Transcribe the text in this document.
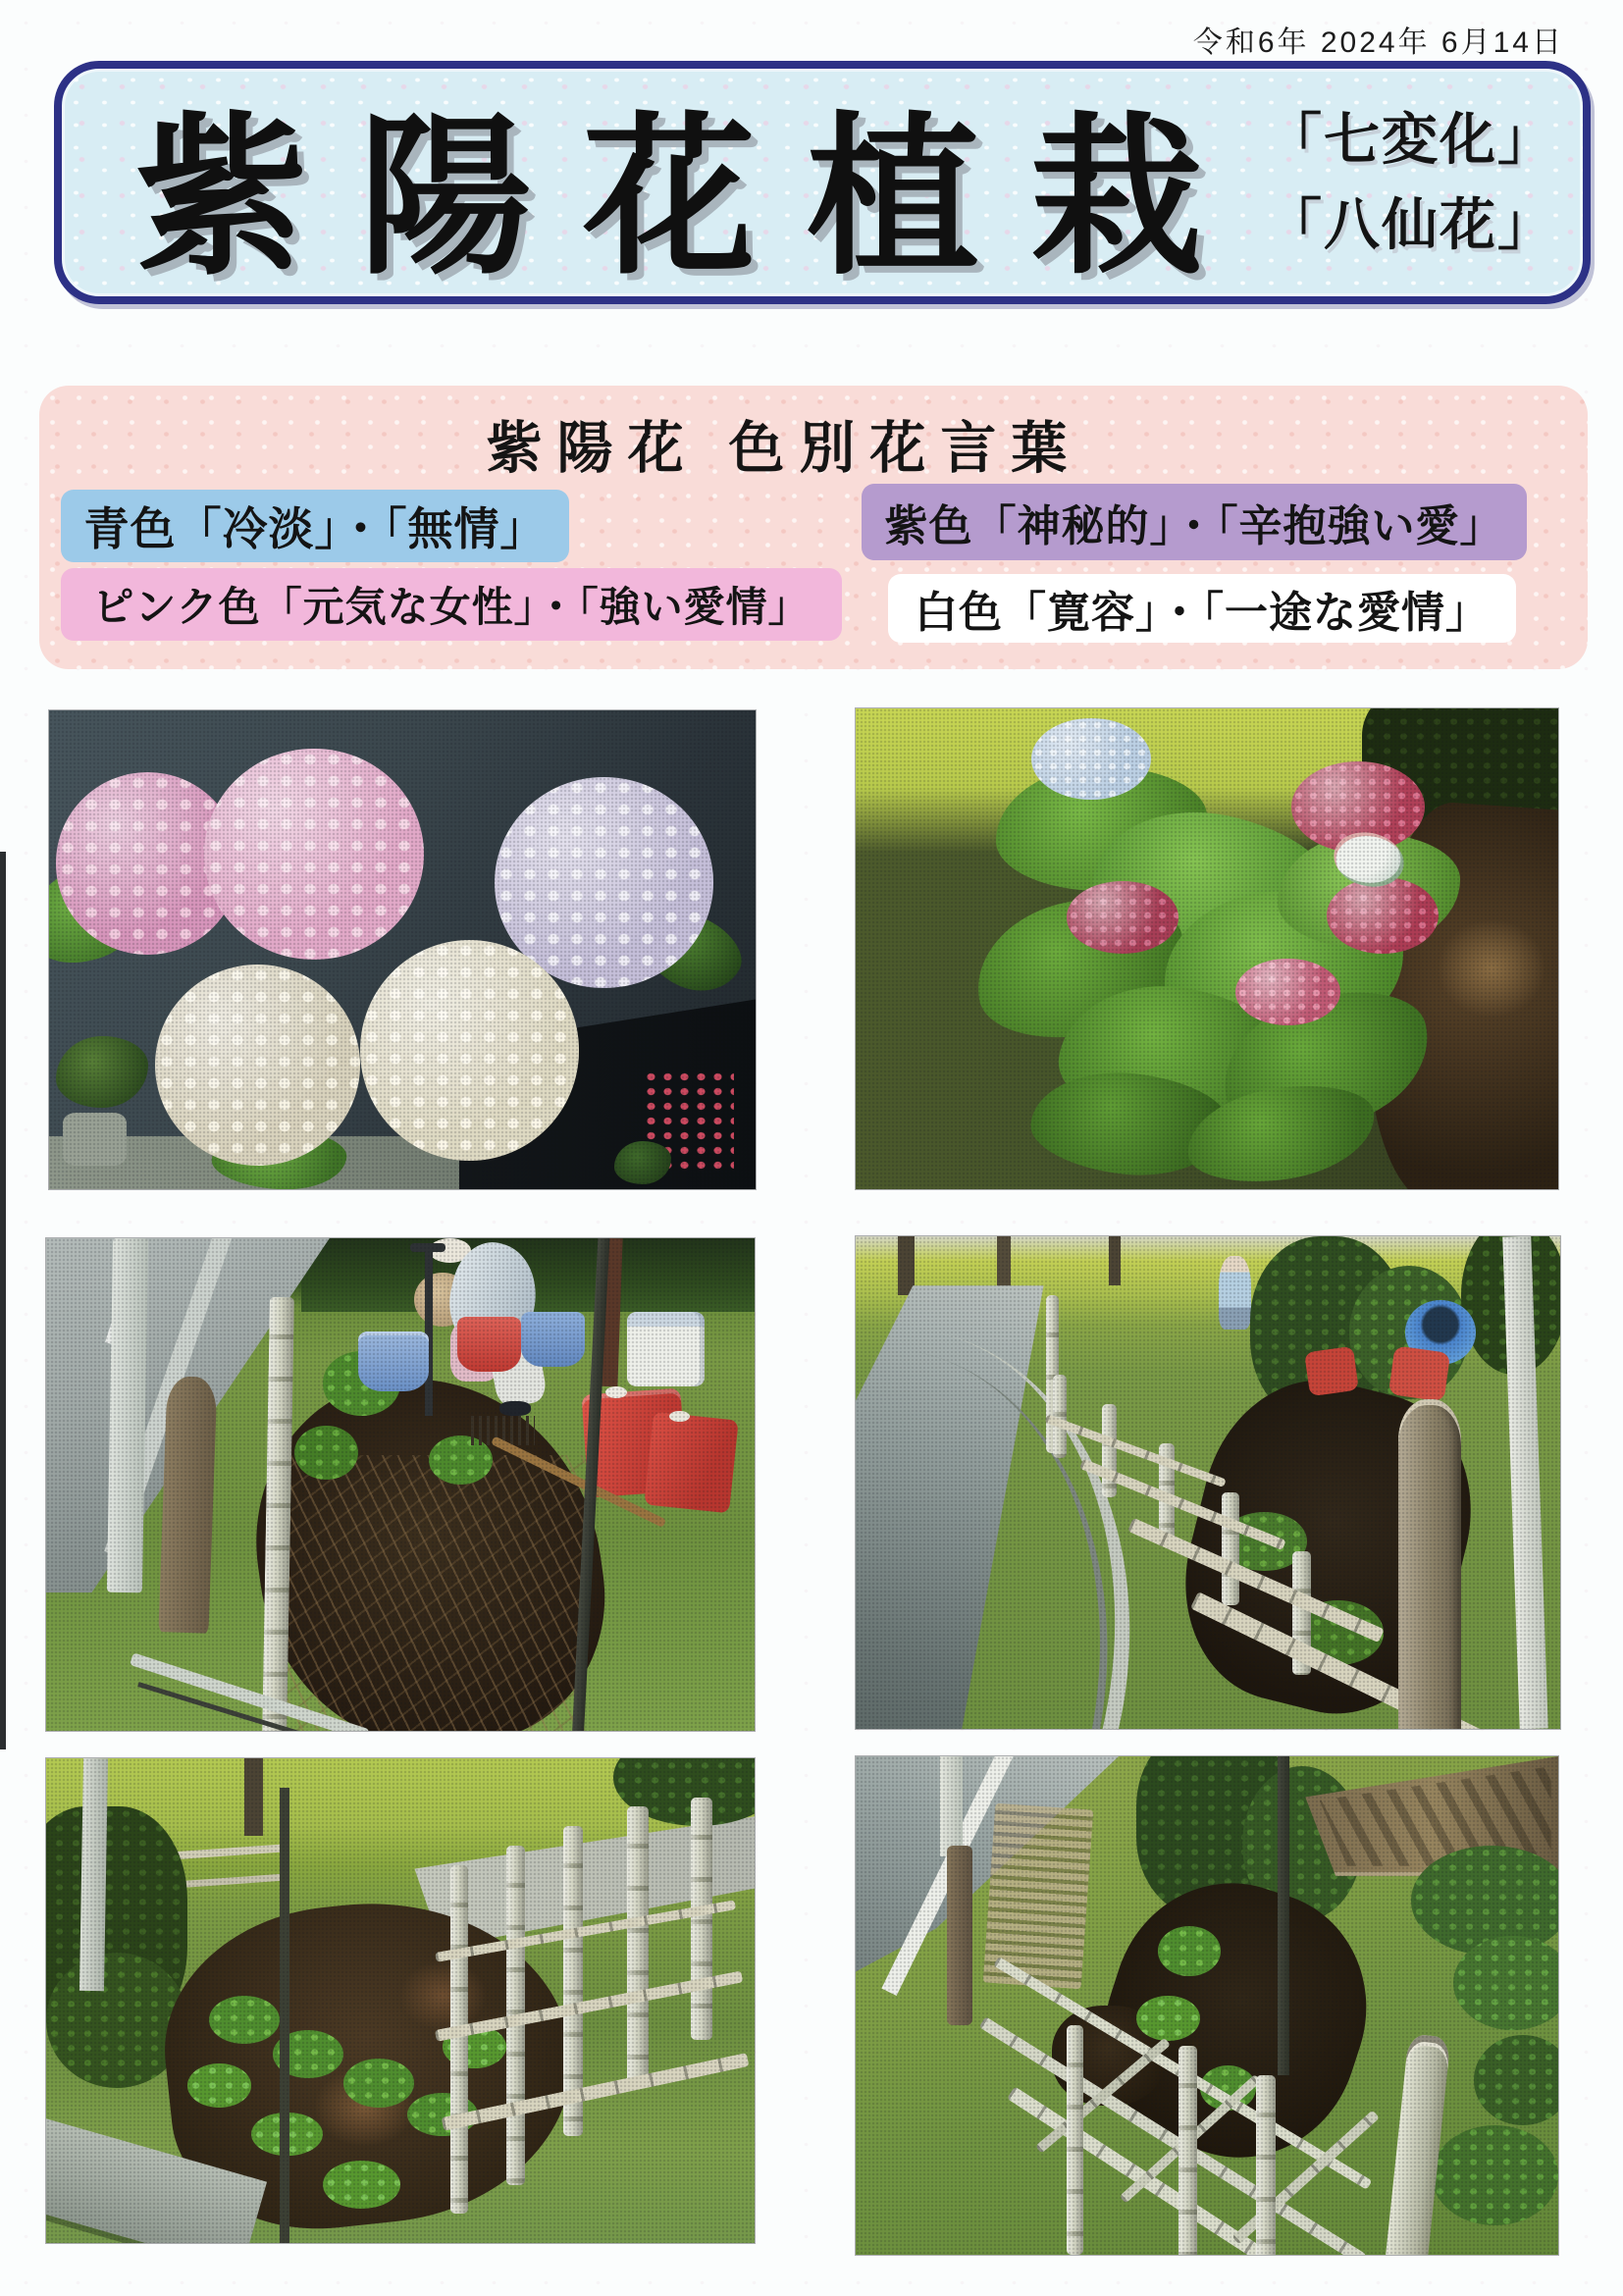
令和6年 2024年 6月14日
紫陽花植栽 「七変化」
「八仙花」
紫陽花 色別花言葉
青色「冷淡」・「無情」	紫色「神秘的」・「辛抱強い愛」
ピンク色「元気な女性」・「強い愛情」	白色「寛容」・「一途な愛情」
